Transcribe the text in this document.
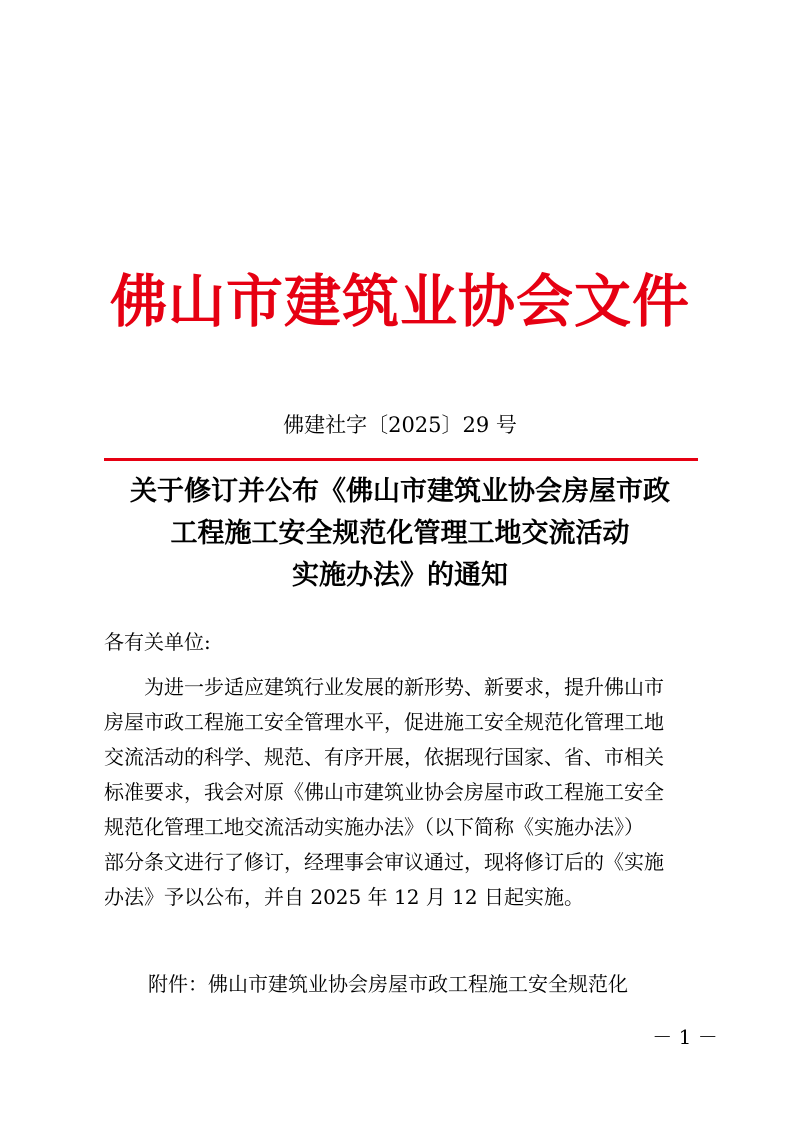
佛山市建筑业协会文件
佛建社字〔2025〕29 号
关于修订并公布《佛山市建筑业协会房屋市政
工程施工安全规范化管理工地交流活动
实施办法》的通知
各有关单位:
　　为进一步适应建筑行业发展的新形势、新要求，提升佛山市
房屋市政工程施工安全管理水平，促进施工安全规范化管理工地
交流活动的科学、规范、有序开展，依据现行国家、省、市相关
标准要求，我会对原《佛山市建筑业协会房屋市政工程施工安全
规范化管理工地交流活动实施办法》（以下简称《实施办法》）
部分条文进行了修订，经理事会审议通过，现将修订后的《实施
办法》予以公布，并自 2025 年 12 月 12 日起实施。
附件：佛山市建筑业协会房屋市政工程施工安全规范化
－ 1 －
